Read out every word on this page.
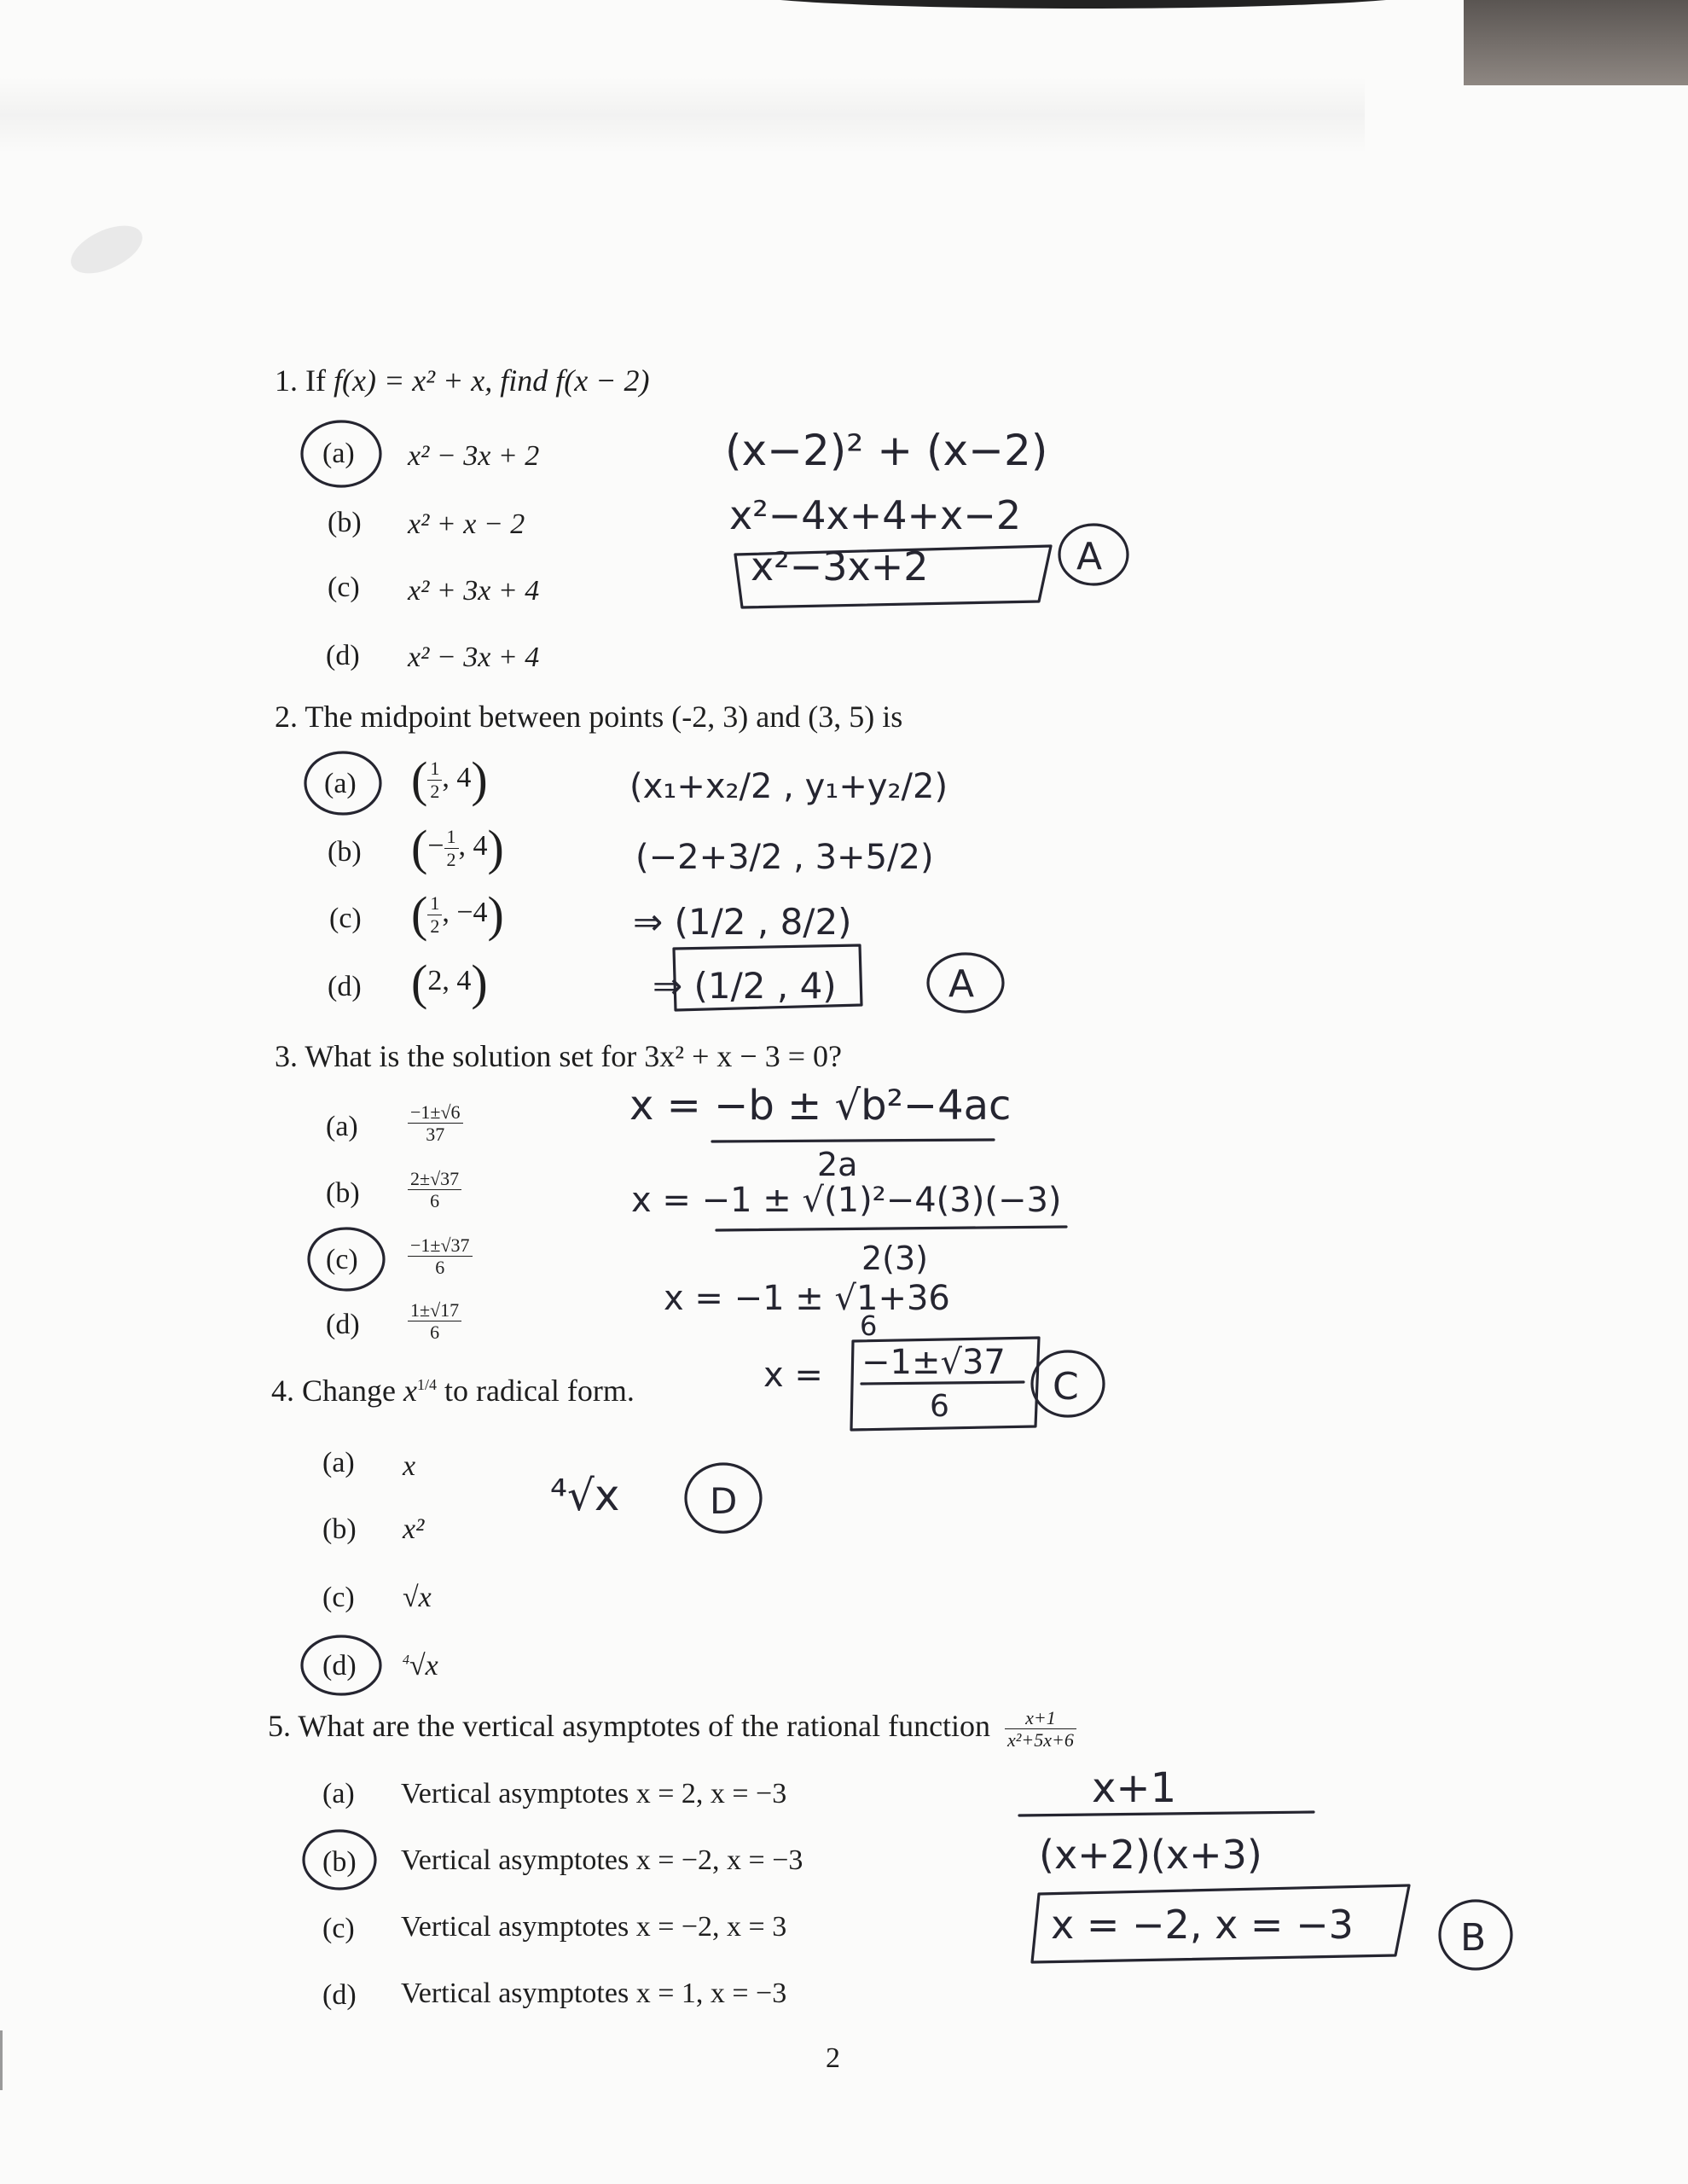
1. If f(x) = x² + x, find f(x − 2)
(a) x² − 3x + 2
(b) x² + x − 2
(c) x² + 3x + 4
(d) x² − 3x + 4
2. The midpoint between points (-2, 3) and (3, 5) is
(a) ( $\frac{1}{2}$ , 4)
(b) (− $\frac{1}{2}$ , 4)
(c) ( $\frac{1}{2}$ , −4)
(d) (2, 4)
3. What is the solution set for 3x² + x − 3 = 0?
(a)	$\frac{-1\pm√6}{37}$
(b)	$\frac{2\pm√37}{6}$
(c)	$\frac{-1\pm√37}{6}$
(d)	$\frac{1\pm√17}{6}$
4. Change $x^{1/4}$ to radical form.
(a) x
(b) x²
(c) √x
(d)	$^4$√x
5. What are the vertical asymptotes of the rational function $\frac{x+1}{\text{x²+5x+6}}$
(a) Vertical asymptotes x = 2, x = −3
(b) Vertical asymptotes x = −2, x = −3
(c) Vertical asymptotes x = −2, x = 3
(d) Vertical asymptotes x = 1, x = −3
2
(x−2)² + (x−2)
x²−4x+4+x−2
x²−3x+2	A
(x₁+x₂/2 , y₁+y₂/2)
(−2+3/2 , 3+5/2)
⇒ (1/2 , 8/2)
⇒ (1/2 , 4)	A
x = −b ± √b²−4ac
2a
x = −1 ± √(1)²−4(3)(−3)
2(3)
x = −1 ± √1+36
6
x = −1±√37
6	C
⁴√x	D
x+1
(x+2)(x+3)
x = −2, x = −3	B
